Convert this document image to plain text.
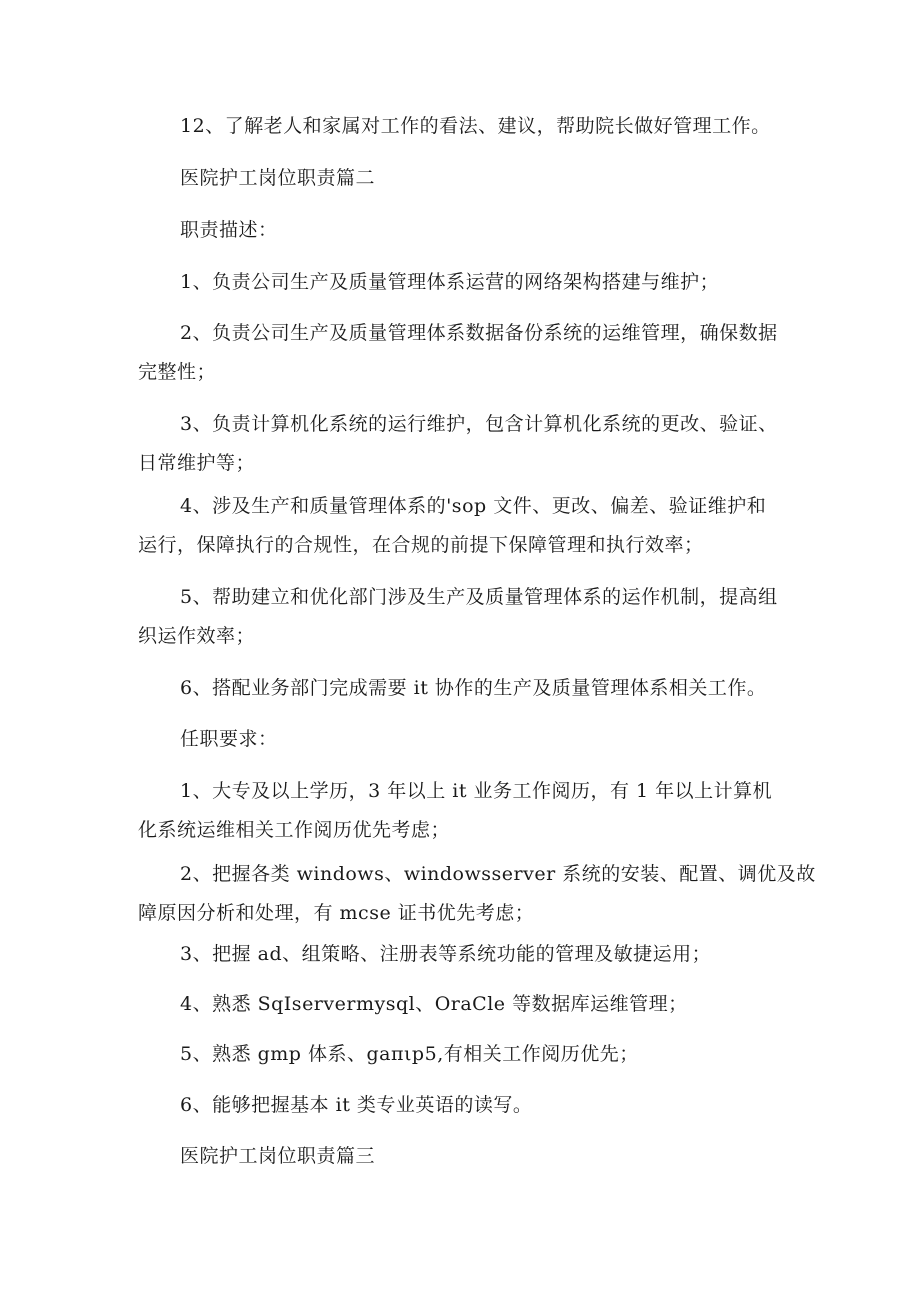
12、了解老人和家属对工作的看法、建议，帮助院长做好管理工作。

医院护工岗位职责篇二

职责描述：

1、负责公司生产及质量管理体系运营的网络架构搭建与维护；

2、负责公司生产及质量管理体系数据备份系统的运维管理，确保数据

完整性；

3、负责计算机化系统的运行维护，包含计算机化系统的更改、验证、

日常维护等；

4、涉及生产和质量管理体系的'sop 文件、更改、偏差、验证维护和

运行，保障执行的合规性，在合规的前提下保障管理和执行效率；

5、帮助建立和优化部门涉及生产及质量管理体系的运作机制，提高组

织运作效率；

6、搭配业务部门完成需要 it 协作的生产及质量管理体系相关工作。

任职要求：

1、大专及以上学历，3 年以上 it 业务工作阅历，有 1 年以上计算机

化系统运维相关工作阅历优先考虑；

2、把握各类 windows、windowsserver 系统的安装、配置、调优及故

障原因分析和处理，有 mcse 证书优先考虑；

3、把握 ad、组策略、注册表等系统功能的管理及敏捷运用；

4、熟悉 SqIservermysql、OraCle 等数据库运维管理；

5、熟悉 gmp 体系、gaπιp5,有相关工作阅历优先；

6、能够把握基本 it 类专业英语的读写。

医院护工岗位职责篇三
